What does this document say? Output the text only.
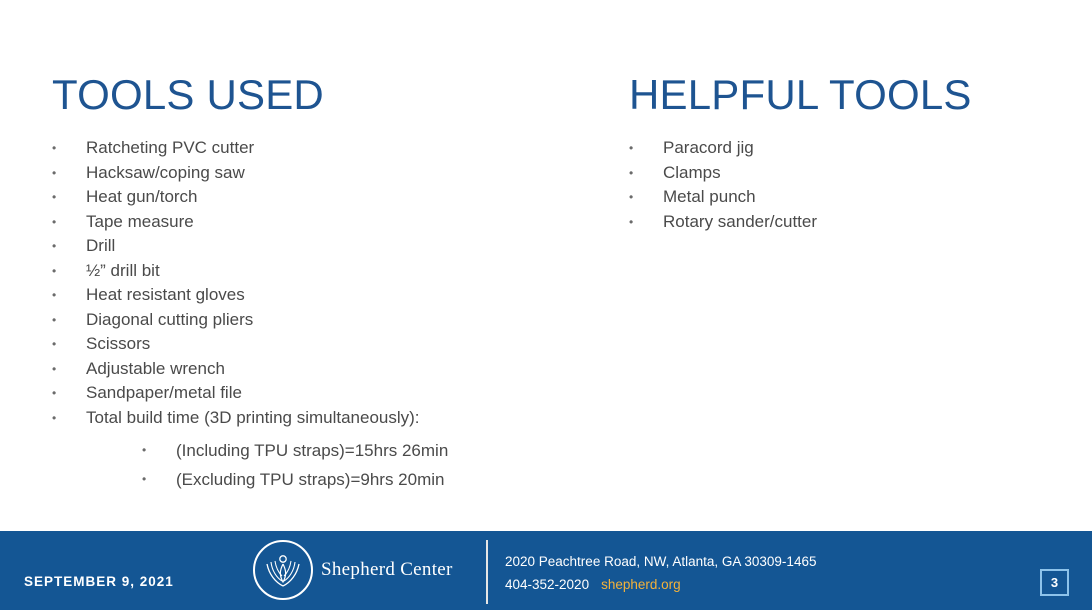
TOOLS USED
• Ratcheting PVC cutter
• Hacksaw/coping saw
• Heat gun/torch
• Tape measure
• Drill
• ½” drill bit
• Heat resistant gloves
• Diagonal cutting pliers
• Scissors
• Adjustable wrench
• Sandpaper/metal file
• Total build time (3D printing simultaneously):
• (Including TPU straps)=15hrs 26min
• (Excluding TPU straps)=9hrs 20min
HELPFUL TOOLS
• Paracord jig
• Clamps
• Metal punch
• Rotary sander/cutter
SEPTEMBER 9, 2021
Shepherd Center	2020 Peachtree Road, NW, Atlanta, GA 30309-1465
404-352-2020 shepherd.org	3
